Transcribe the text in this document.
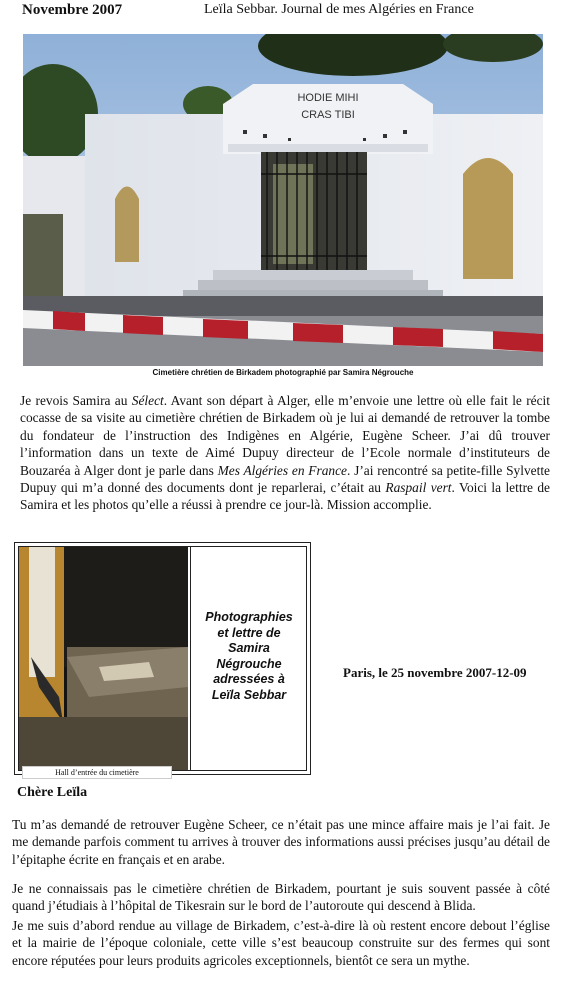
Novembre 2007	Leïla Sebbar. Journal de mes Algéries en France
HODIE MIHI
CRAS TIBI
Cimetière chrétien de Birkadem photographié par Samira Négrouche

Je revois Samira au Sélect. Avant son départ à Alger, elle m’envoie une lettre où elle fait le récit cocasse de sa visite au cimetière chrétien de Birkadem où je lui ai demandé de retrouver la tombe du fondateur de l’instruction des Indigènes en Algérie, Eugène Scheer. J’ai dû trouver l’information dans un texte de Aimé Dupuy directeur de l’Ecole normale d’instituteurs de Bouzaréa à Alger dont je parle dans Mes Algéries en France. J’ai rencontré sa petite-fille Sylvette Dupuy qui m’a donné des documents dont je reparlerai, c’était au Raspail vert. Voici la lettre de Samira et les photos qu’elle a réussi à prendre ce jour-là. Mission accomplie.

Photographies
et lettre de
Samira
Négrouche
adressées à
Leïla Sebbar
Hall d’entrée du cimetière
Paris, le 25 novembre 2007-12-09
Chère Leïla

Tu m’as demandé de retrouver Eugène Scheer, ce n’était pas une mince affaire mais je l’ai fait. Je me demande parfois comment tu arrives à trouver des informations aussi précises jusqu’au détail de l’épitaphe écrite en français et en arabe.

Je ne connaissais pas le cimetière chrétien de Birkadem, pourtant je suis souvent passée à côté quand j’étudiais à l’hôpital de Tikesrain sur le bord de l’autoroute qui descend à Blida.

Je me suis d’abord rendue au village de Birkadem, c’est-à-dire là où restent encore debout l’église et la mairie de l’époque coloniale, cette ville s’est beaucoup construite sur des fermes qui sont encore réputées pour leurs produits agricoles exceptionnels, bientôt ce sera un mythe.
